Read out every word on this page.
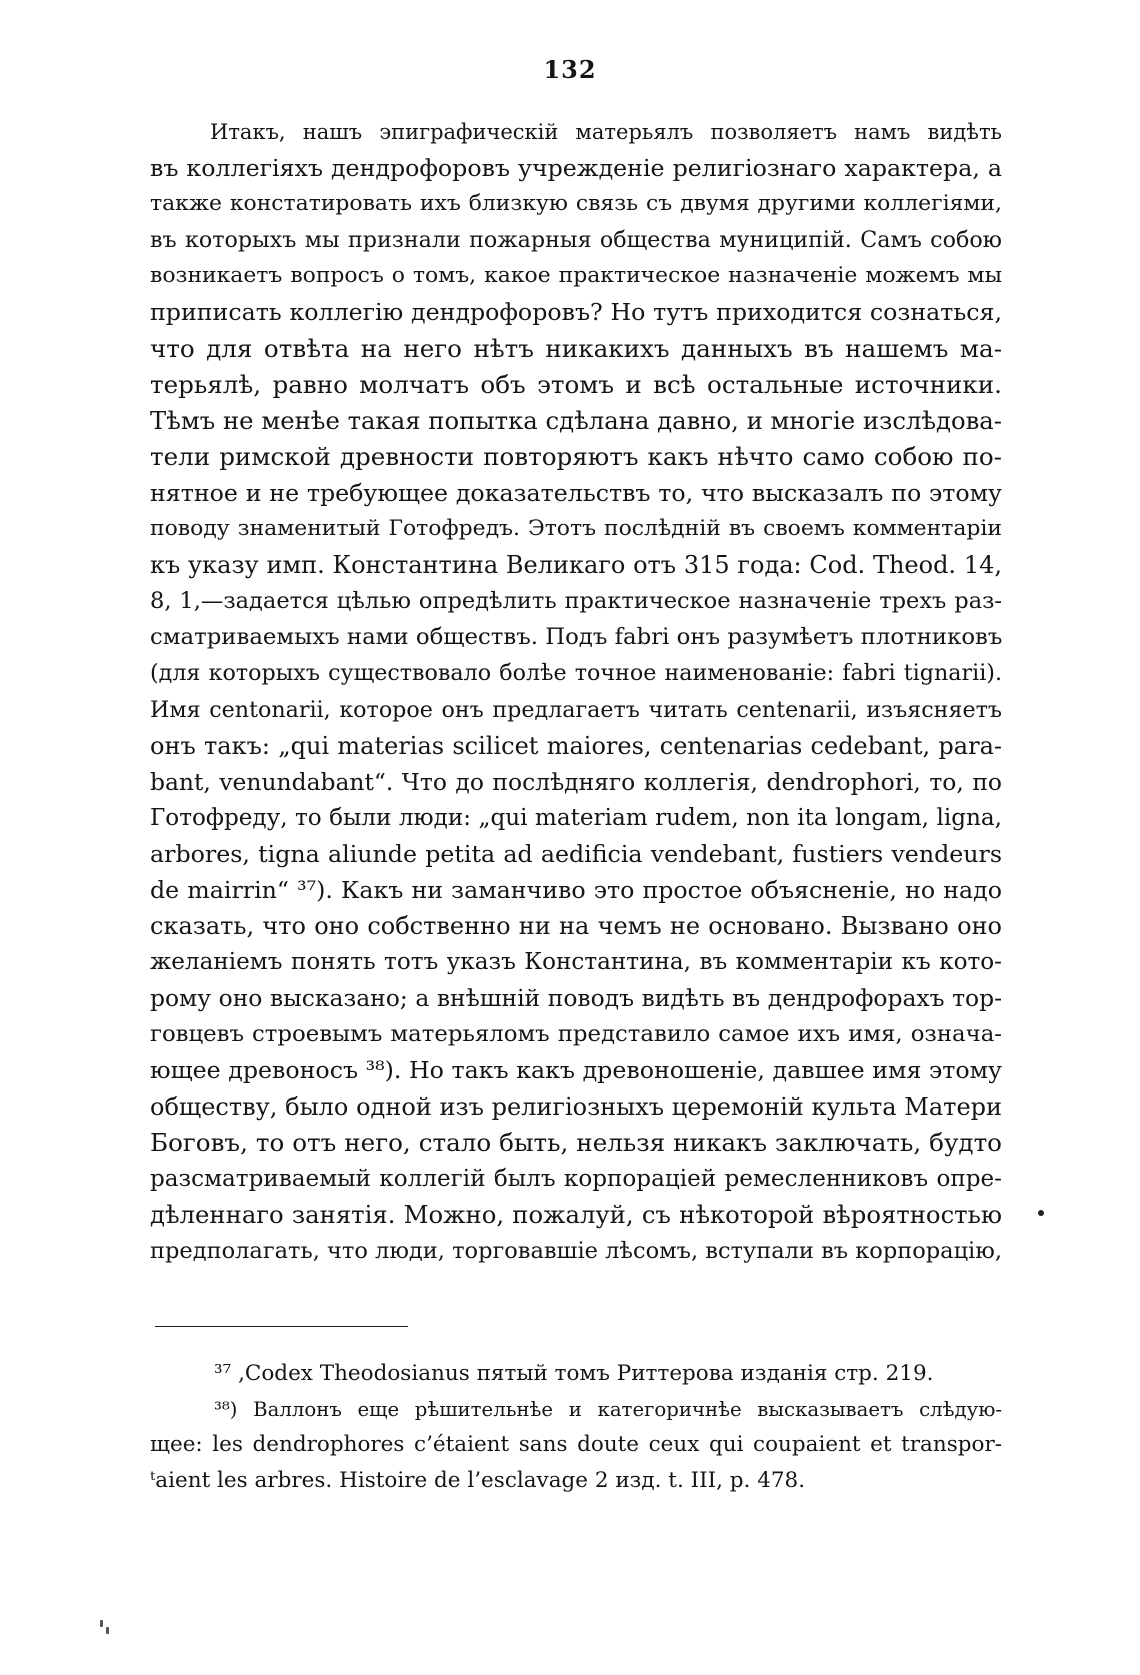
132
Итакъ, нашъ эпиграфическій матерьялъ позволяетъ намъ видѣть
въ коллегіяхъ дендрофоровъ учрежденіе религіознаго характера, а
также констатировать ихъ близкую связь съ двумя другими коллегіями,
въ которыхъ мы признали пожарныя общества муниципій. Самъ собою
возникаетъ вопросъ о томъ, какое практическое назначеніе можемъ мы
приписать коллегію дендрофоровъ? Но тутъ приходится сознаться,
что для отвѣта на него нѣтъ никакихъ данныхъ въ нашемъ ма-
терьялѣ, равно молчатъ объ этомъ и всѣ остальные источники.
Тѣмъ не менѣе такая попытка сдѣлана давно, и многіе изслѣдова-
тели римской древности повторяютъ какъ нѣчто само собою по-
нятное и не требующее доказательствъ то, что высказалъ по этому
поводу знаменитый Готофредъ. Этотъ послѣдній въ своемъ комментаріи
къ указу имп. Константина Великаго отъ 315 года: Cod. Theod. 14,
8, 1,—задается цѣлью опредѣлить практическое назначеніе трехъ раз-
сматриваемыхъ нами обществъ. Подъ fabri онъ разумѣетъ плотниковъ
(для которыхъ существовало болѣе точное наименованіе: fabri tignarii).
Имя centonarii, которое онъ предлагаетъ читать centenarii, изъясняетъ
онъ такъ: „qui materias scilicet maiores, centenarias cedebant, para-
bant, venundabant“. Что до послѣдняго коллегія, dendrophori, то, по
Готофреду, то были люди: „qui materiam rudem, non ita longam, ligna,
arbores, tigna aliunde petita ad aedificia vendebant, fustiers vendeurs
de mairrin“ ³⁷). Какъ ни заманчиво это простое объясненіе, но надо
сказать, что оно собственно ни на чемъ не основано. Вызвано оно
желаніемъ понять тотъ указъ Константина, въ комментаріи къ кото-
рому оно высказано; а внѣшній поводъ видѣть въ дендрофорахъ тор-
говцевъ строевымъ матерьяломъ представило самое ихъ имя, означа-
ющее древоносъ ³⁸). Но такъ какъ древоношеніе, давшее имя этому
обществу, было одной изъ религіозныхъ церемоній культа Матери
Боговъ, то отъ него, стало быть, нельзя никакъ заключать, будто
разсматриваемый коллегій былъ корпораціей ремесленниковъ опре-
дѣленнаго занятія. Можно, пожалуй, съ нѣкоторой вѣроятностью
предполагать, что люди, торговавшіе лѣсомъ, вступали въ корпорацію,
³⁷ ,Codex Theodosianus пятый томъ Риттерова изданія стр. 219.
³⁸) Валлонъ еще рѣшительнѣе и категоричнѣе высказываетъ слѣдую-
щее: les dendrophores c’étaient sans doute ceux qui coupaient et transpor-
ᵗaient les arbres. Histoire de l’esclavage 2 изд. t. III, p. 478.
